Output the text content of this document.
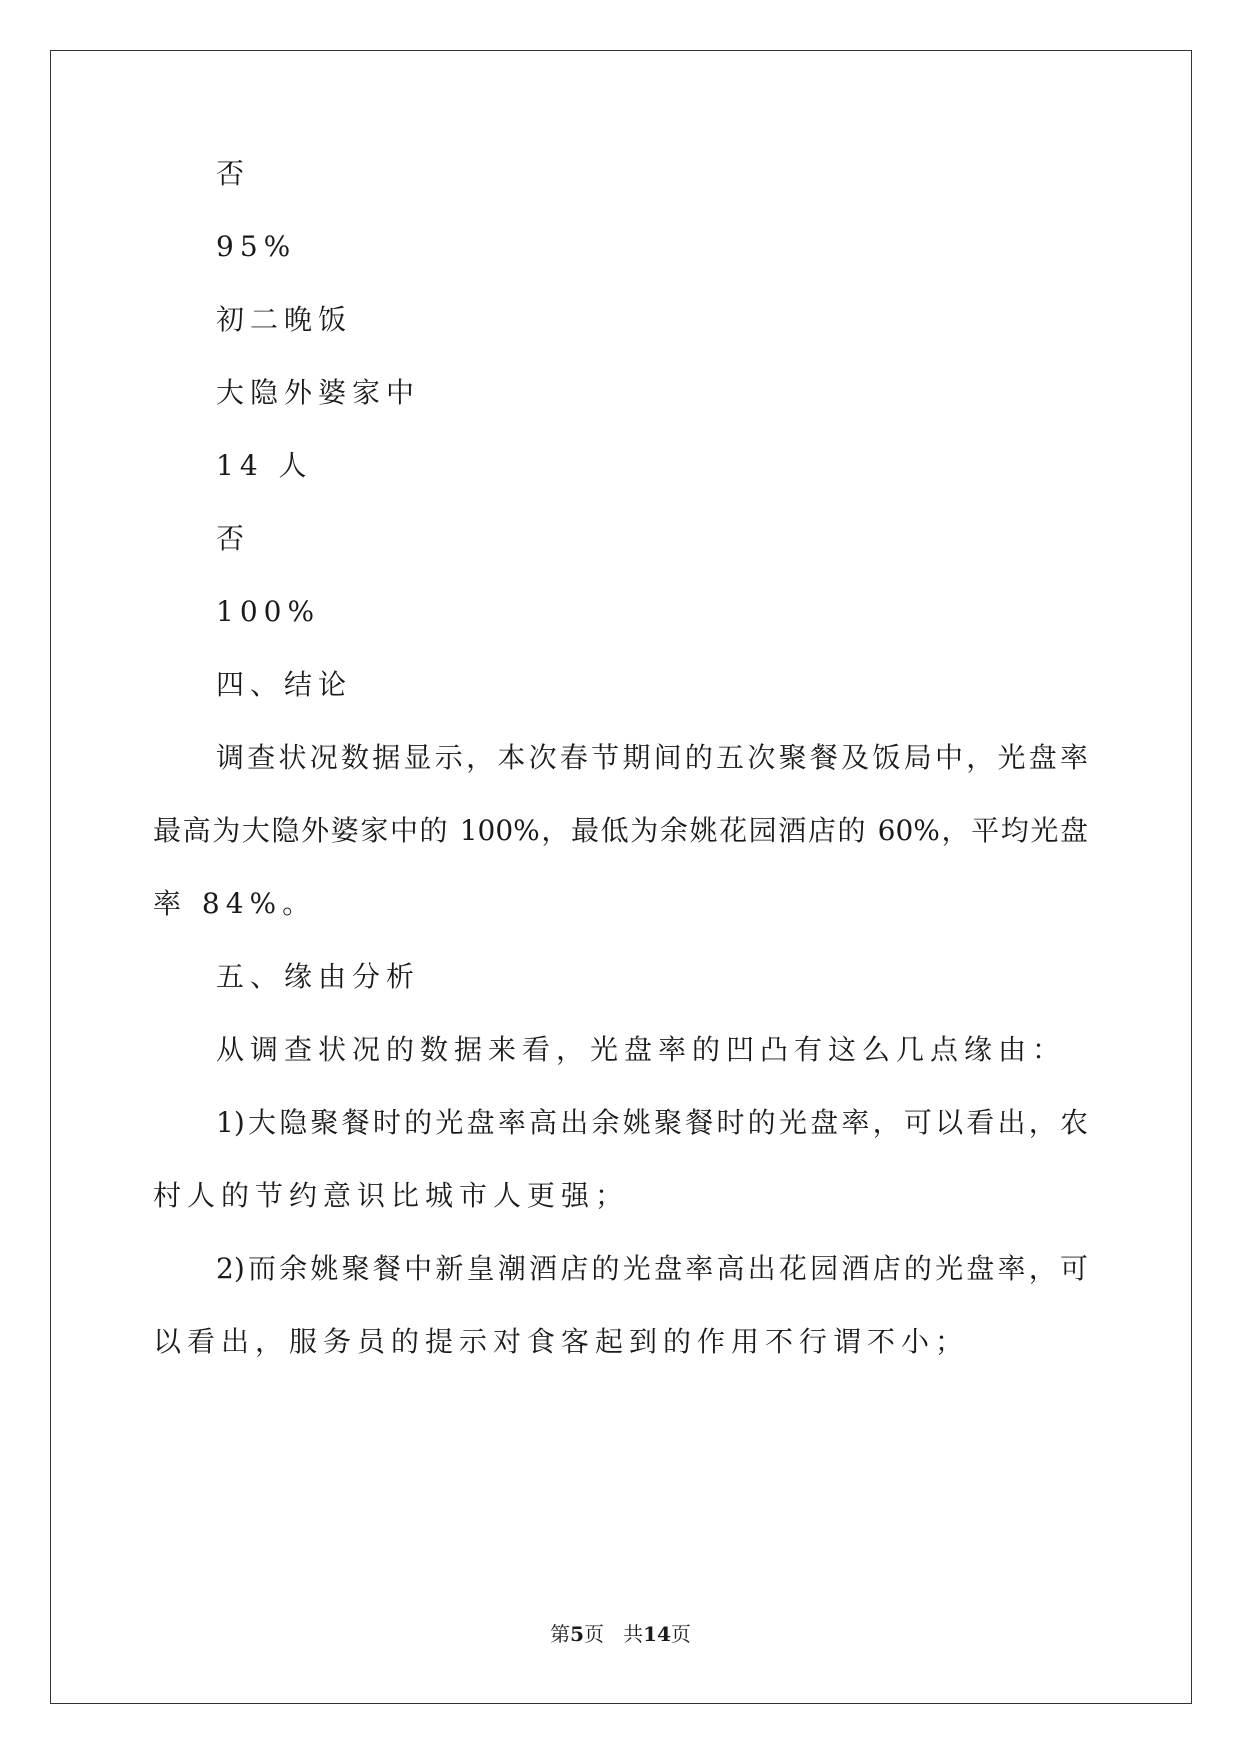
否
95%
初二晚饭
大隐外婆家中
14 人
否
100%
四、结论
调查状况数据显示，本次春节期间的五次聚餐及饭局中，光盘率
最高为大隐外婆家中的 100%，最低为余姚花园酒店的 60%，平均光盘
率 84%。
五、缘由分析
从调查状况的数据来看，光盘率的凹凸有这么几点缘由：
1)大隐聚餐时的光盘率高出余姚聚餐时的光盘率，可以看出，农
村人的节约意识比城市人更强；
2)而余姚聚餐中新皇潮酒店的光盘率高出花园酒店的光盘率，可
以看出，服务员的提示对食客起到的作用不行谓不小；
第5页 共14页
